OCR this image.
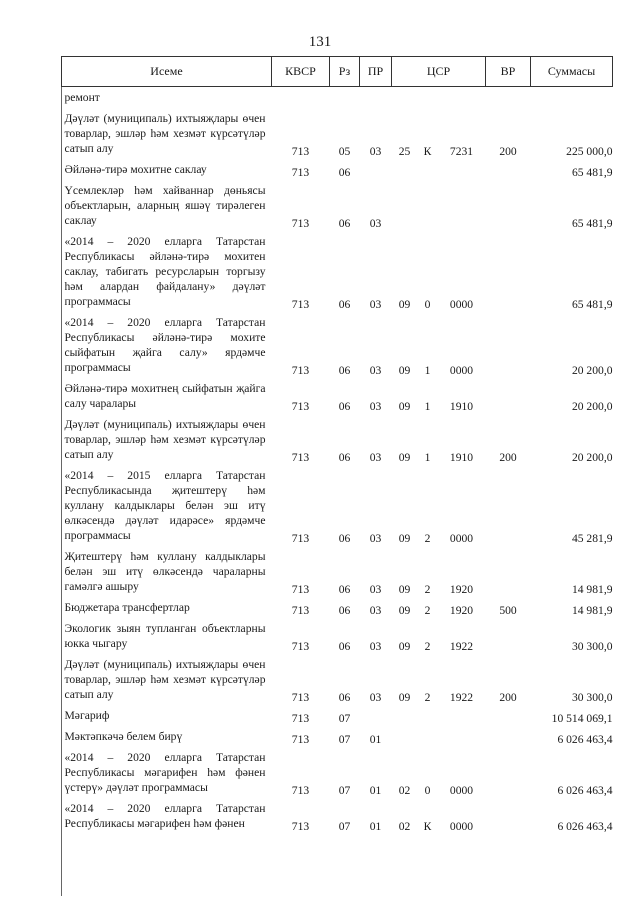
131
Исеме	КВСР	Рз	ПР	ЦСР			ВР	Суммасы
ремонт								
Дәүләт (муниципаль) ихтыяҗлары өчен товарлар, эшләр һәм хезмәт күрсәтүләр сатып алу	713	05	03	25	К	7231	200	225 000,0
Әйләнә-тирә мохитне саклау	713	06						65 481,9
Үсемлекләр һәм хайваннар дөньясы объектларын, аларның яшәү тирәлеген саклау	713	06	03					65 481,9
«2014 – 2020 елларга Татарстан Республикасы әйләнә-тирә мохитен саклау, табигать ресурсларын торгызу һәм алардан файдалану» дәүләт программасы	713	06	03	09	0	0000		65 481,9
«2014 – 2020 елларга Татарстан Республикасы әйләнә-тирә мохите сыйфатын җайга салу» ярдәмче программасы	713	06	03	09	1	0000		20 200,0
Әйләнә-тирә мохитнең сыйфатын җайга салу чаралары	713	06	03	09	1	1910		20 200,0
Дәүләт (муниципаль) ихтыяҗлары өчен товарлар, эшләр һәм хезмәт күрсәтүләр сатып алу	713	06	03	09	1	1910	200	20 200,0
«2014 – 2015 елларга Татарстан Республикасында җитештерү һәм куллану калдыклары белән эш итү өлкәсендә дәүләт идарәсе» ярдәмче программасы	713	06	03	09	2	0000		45 281,9
Җитештерү һәм куллану калдыклары белән эш итү өлкәсендә чараларны гамәлгә ашыру	713	06	03	09	2	1920		14 981,9
Бюджетара трансфертлар	713	06	03	09	2	1920	500	14 981,9
Экологик зыян тупланган объектларны юкка чыгару	713	06	03	09	2	1922		30 300,0
Дәүләт (муниципаль) ихтыяҗлары өчен товарлар, эшләр һәм хезмәт күрсәтүләр сатып алу	713	06	03	09	2	1922	200	30 300,0
Мәгариф	713	07						10 514 069,1
Мәктәпкәчә белем бирү	713	07	01					6 026 463,4
«2014 – 2020 елларга Татарстан Республикасы мәгарифен һәм фәнен үстерү» дәүләт программасы	713	07	01	02	0	0000		6 026 463,4
«2014 – 2020 елларга Татарстан Республикасы мәгарифен һәм фәнен	713	07	01	02	К	0000		6 026 463,4
